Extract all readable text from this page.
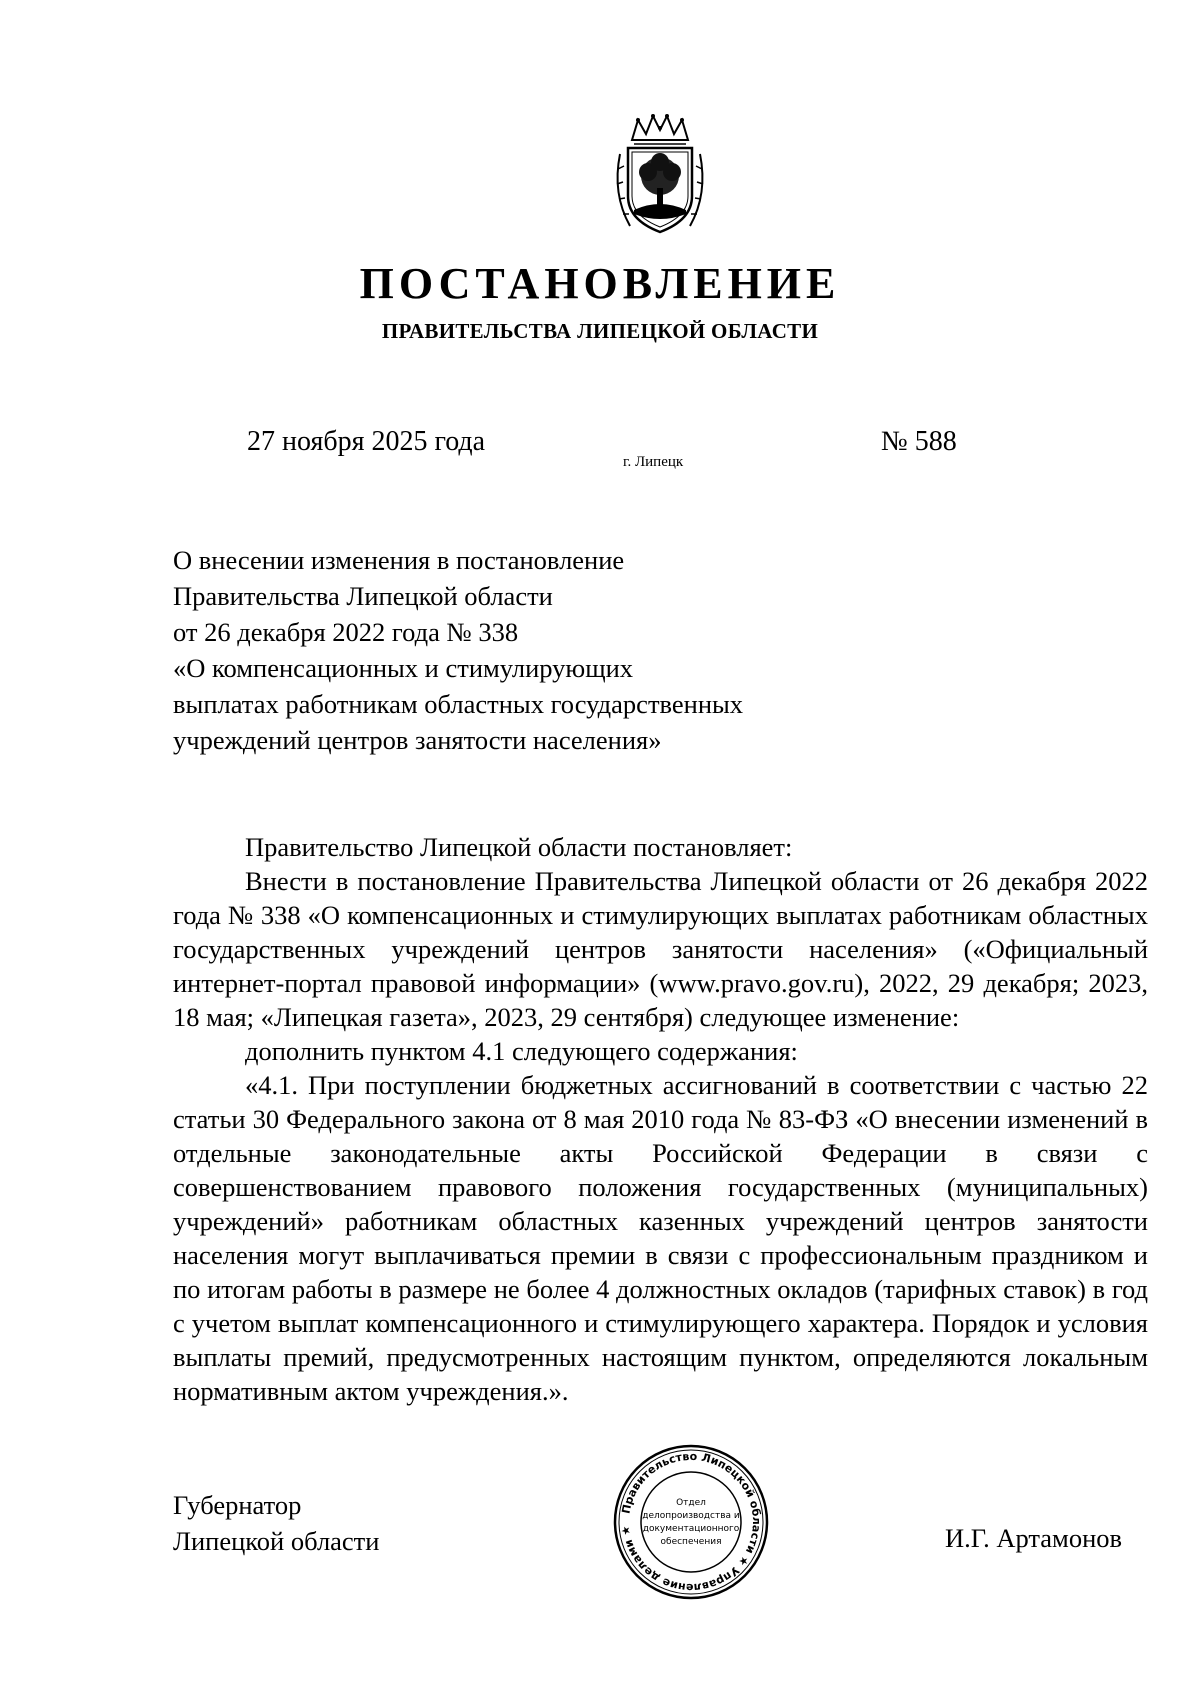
ПОСТАНОВЛЕНИЕ
ПРАВИТЕЛЬСТВА ЛИПЕЦКОЙ ОБЛАСТИ
27 ноября 2025 года
г. Липецк
№ 588
О внесении изменения в постановление
Правительства Липецкой области
от 26 декабря 2022 года № 338
«О компенсационных и стимулирующих
выплатах работникам областных государственных
учреждений центров занятости населения»

Правительство Липецкой области постановляет:

Внести в постановление Правительства Липецкой области от 26 декабря 2022 года № 338 «О компенсационных и стимулирующих выплатах работникам областных государственных учреждений центров занятости населения» («Официальный интернет-портал правовой информации» (www.pravo.gov.ru), 2022, 29 декабря; 2023, 18 мая; «Липецкая газета», 2023, 29 сентября) следующее изменение:

дополнить пунктом 4.1 следующего содержания:

«4.1. При поступлении бюджетных ассигнований в соответствии с частью 22 статьи 30 Федерального закона от 8 мая 2010 года № 83-ФЗ «О внесении изменений в отдельные законодательные акты Российской Федерации в связи с совершенствованием правового положения государственных (муниципальных) учреждений» работникам областных казенных учреждений центров занятости населения могут выплачиваться премии в связи с профессиональным праздником и по итогам работы в размере не более 4 должностных окладов (тарифных ставок) в год с учетом выплат компенсационного и стимулирующего характера. Порядок и условия выплаты премий, предусмотренных настоящим пунктом, определяются локальным нормативным актом учреждения.».

Губернатор
Липецкой области
Правительство Липецкой области ★ Управление делами ★
Отдел
делопроизводства и
документационного
обеспечения	И.Г. Артамонов
